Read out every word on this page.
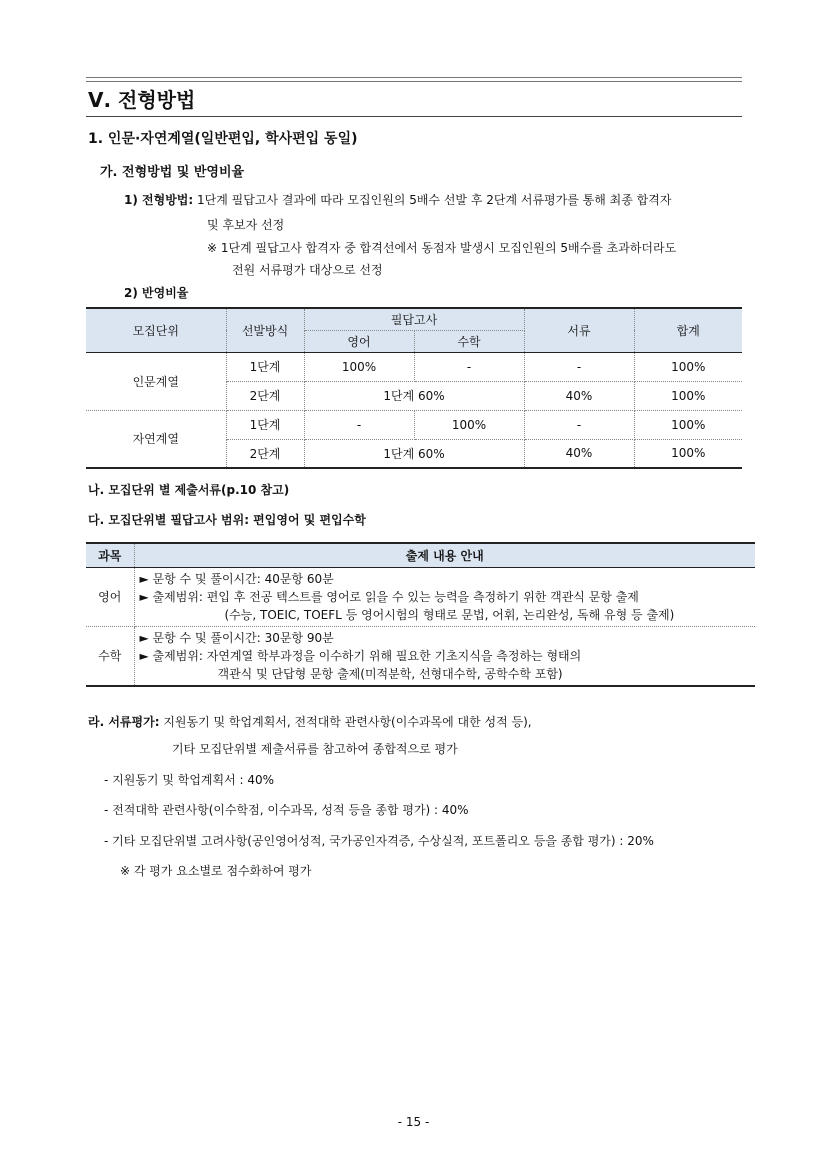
Ⅴ. 전형방법
1. 인문·자연계열(일반편입, 학사편입 동일)
가. 전형방법 및 반영비율
1) 전형방법: 1단계 필답고사 결과에 따라 모집인원의 5배수 선발 후 2단계 서류평가를 통해 최종 합격자
및 후보자 선정
※ 1단계 필답고사 합격자 중 합격선에서 동점자 발생시 모집인원의 5배수를 초과하더라도
전원 서류평가 대상으로 선정
2) 반영비율
모집단위	선발방식	필답고사		서류	합계
		영어	수학		
인문계열	1단계	100%	-	-	100%
	2단계	1단계 60%		40%	100%
자연계열	1단계	-	100%	-	100%
	2단계	1단계 60%		40%	100%
나. 모집단위 별 제출서류(p.10 참고)
다. 모집단위별 필답고사 범위: 편입영어 및 편입수학
과목	출제 내용 안내
영어	► 문항 수 및 풀이시간: 40문항 60분
► 출제범위: 편입 후 전공 텍스트를 영어로 읽을 수 있는 능력을 측정하기 위한 객관식 문항 출제
(수능, TOEIC, TOEFL 등 영어시험의 형태로 문법, 어휘, 논리완성, 독해 유형 등 출제)

수학	► 문항 수 및 풀이시간: 30문항 90분
► 출제범위: 자연계열 학부과정을 이수하기 위해 필요한 기초지식을 측정하는 형태의
객관식 및 단답형 문항 출제(미적분학, 선형대수학, 공학수학 포함)
라. 서류평가: 지원동기 및 학업계획서, 전적대학 관련사항(이수과목에 대한 성적 등),
기타 모집단위별 제출서류를 참고하여 종합적으로 평가
- 지원동기 및 학업계획서 : 40%
- 전적대학 관련사항(이수학점, 이수과목, 성적 등을 종합 평가) : 40%
- 기타 모집단위별 고려사항(공인영어성적, 국가공인자격증, 수상실적, 포트폴리오 등을 종합 평가) : 20%
※ 각 평가 요소별로 점수화하여 평가
- 15 -
